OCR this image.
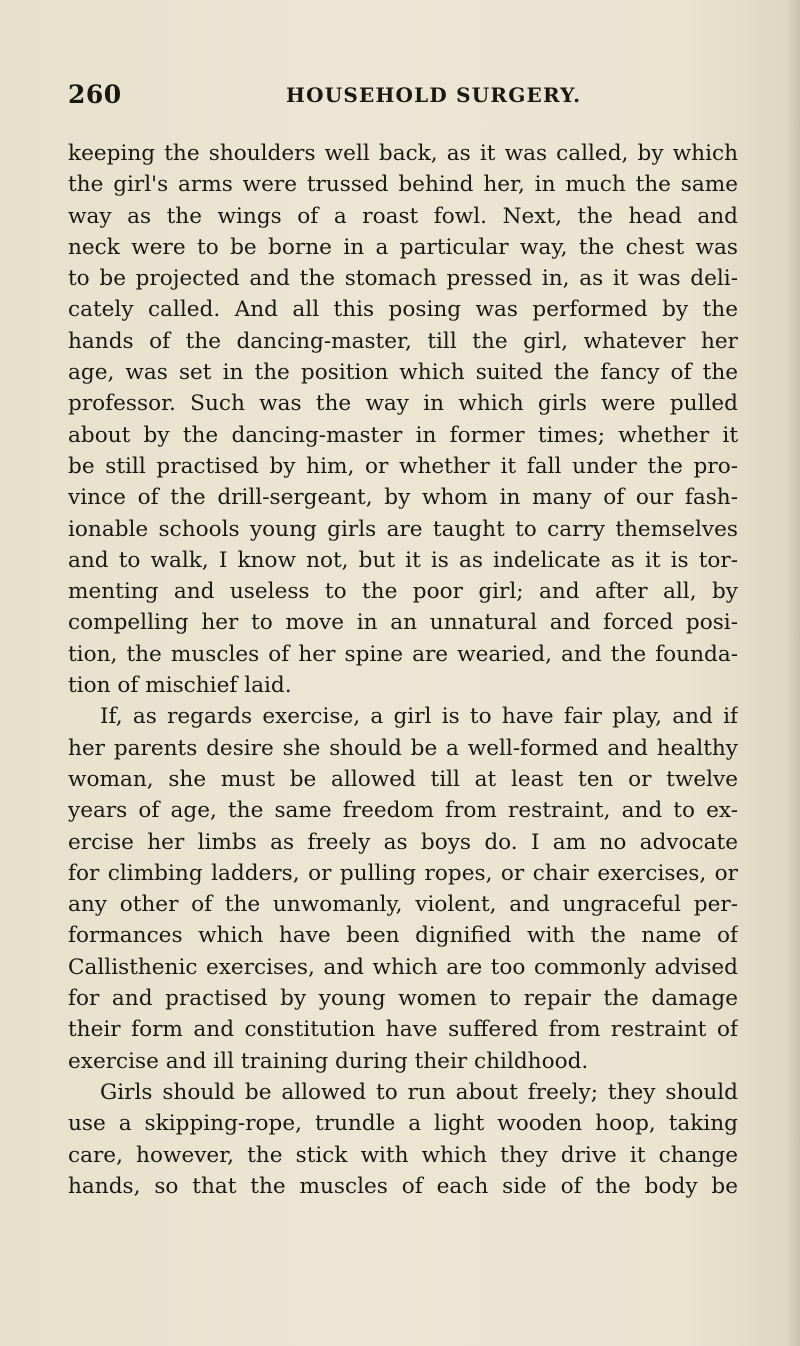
260	HOUSEHOLD SURGERY.
keeping the shoulders well back, as it was called, by which
the girl's arms were trussed behind her, in much the same
way as the wings of a roast fowl. Next, the head and
neck were to be borne in a particular way, the chest was
to be projected and the stomach pressed in, as it was deli-
cately called. And all this posing was performed by the
hands of the dancing-master, till the girl, whatever her
age, was set in the position which suited the fancy of the
professor. Such was the way in which girls were pulled
about by the dancing-master in former times; whether it
be still practised by him, or whether it fall under the pro-
vince of the drill-sergeant, by whom in many of our fash-
ionable schools young girls are taught to carry themselves
and to walk, I know not, but it is as indelicate as it is tor-
menting and useless to the poor girl; and after all, by
compelling her to move in an unnatural and forced posi-
tion, the muscles of her spine are wearied, and the founda-
tion of mischief laid.
If, as regards exercise, a girl is to have fair play, and if
her parents desire she should be a well-formed and healthy
woman, she must be allowed till at least ten or twelve
years of age, the same freedom from restraint, and to ex-
ercise her limbs as freely as boys do. I am no advocate
for climbing ladders, or pulling ropes, or chair exercises, or
any other of the unwomanly, violent, and ungraceful per-
formances which have been dignified with the name of
Callisthenic exercises, and which are too commonly advised
for and practised by young women to repair the damage
their form and constitution have suffered from restraint of
exercise and ill training during their childhood.
Girls should be allowed to run about freely; they should
use a skipping-rope, trundle a light wooden hoop, taking
care, however, the stick with which they drive it change
hands, so that the muscles of each side of the body be
